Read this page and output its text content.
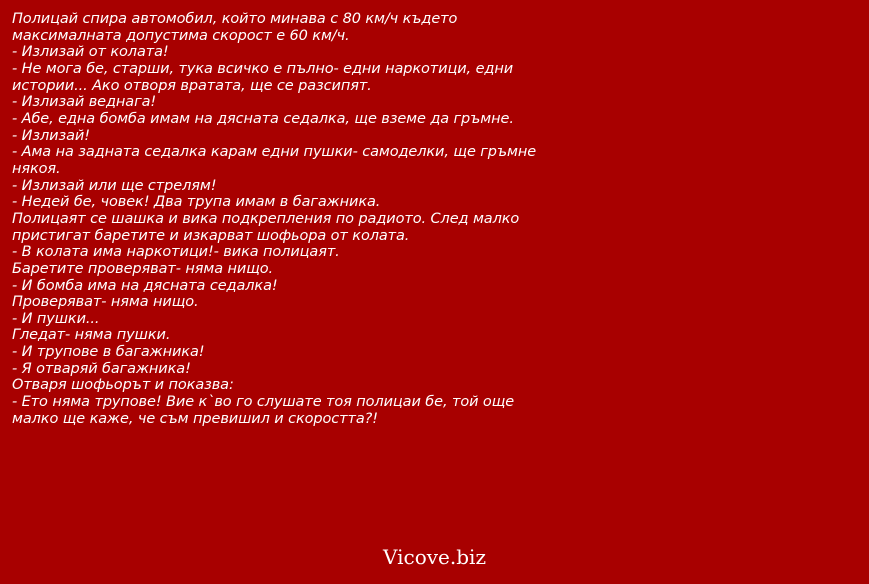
Полицай спира автомобил, който минава с 80 км/ч където
максималната допустима скорост е 60 км/ч.
- Излизай от колата!
- Не мога бе, старши, тука всичко е пълно- едни наркотици, едни
истории... Ако отворя вратата, ще се разсипят.
- Излизай веднага!
- Абе, една бомба имам на дясната седалка, ще вземе да гръмне.
- Излизай!
- Ама на задната седалка карам едни пушки- самоделки, ще гръмне
някоя.
- Излизай или ще стрелям!
- Недей бе, човек! Два трупа имам в багажника.
Полицаят се шашка и вика подкрепления по радиото. След малко
пристигат баретите и изкарват шофьора от колата.
- В колата има наркотици!- вика полицаят.
Баретите проверяват- няма нищо.
- И бомба има на дясната седалка!
Проверяват- няма нищо.
- И пушки...
Гледат- няма пушки.
- И трупове в багажника!
- Я отваряй багажника!
Отваря шофьорът и показва:
- Ето няма трупове! Вие к`во го слушате тоя полицаи бе, той още
малко ще каже, че съм превишил и скоростта?!
Vicove.biz
